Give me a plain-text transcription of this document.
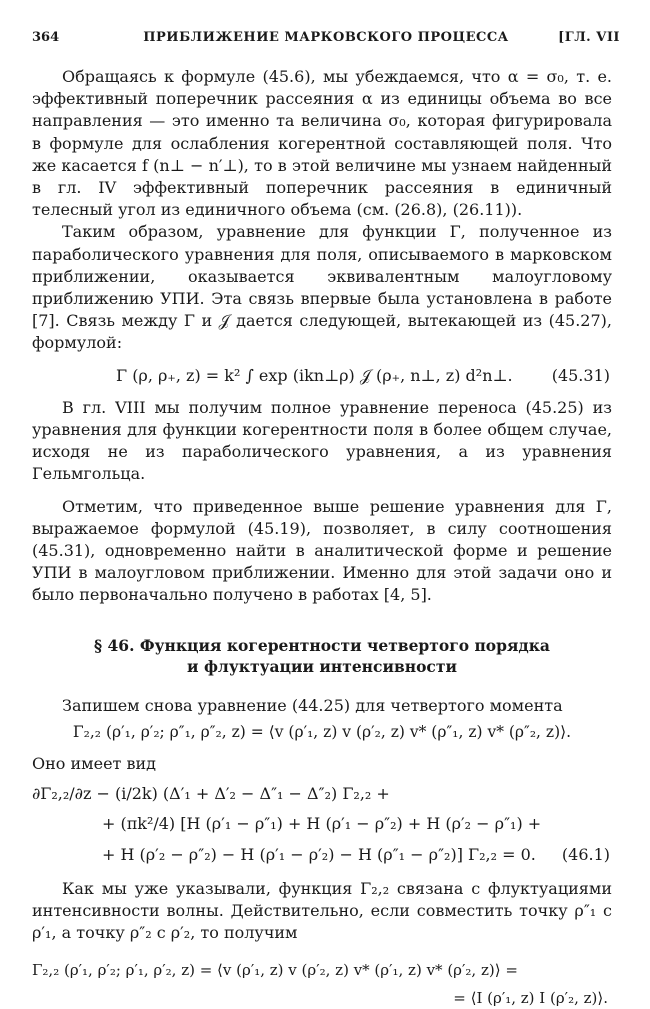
364	ПРИБЛИЖЕНИЕ МАРКОВСКОГО ПРОЦЕССА	[ГЛ. VII

Обращаясь к формуле (45.6), мы убеждаемся, что α = σ₀, т. е. эффективный поперечник рассеяния α из единицы объема во все направления — это именно та величина σ₀, которая фигурировала в формуле для ослабления когерентной составляющей поля. Что же касается f (n⊥ − n′⊥), то в этой величине мы узнаем найденный в гл. IV эффективный поперечник рассеяния в единичный телесный угол из единичного объема (см. (26.8), (26.11)).

Таким образом, уравнение для функции Γ, полученное из параболического уравнения для поля, описываемого в марковском приближении, оказывается эквивалентным малоугловому приближению УПИ. Эта связь впервые была установлена в работе [7]. Связь между Γ и 𝒥 дается следующей, вытекающей из (45.27), формулой:

Γ (ρ, ρ₊, z) = k² ∫ exp (ikn⊥ρ) 𝒥 (ρ₊, n⊥, z) d²n⊥. (45.31)

В гл. VIII мы получим полное уравнение переноса (45.25) из уравнения для функции когерентности поля в более общем случае, исходя не из параболического уравнения, а из уравнения Гельмгольца.

Отметим, что приведенное выше решение уравнения для Γ, выражаемое формулой (45.19), позволяет, в силу соотношения (45.31), одновременно найти в аналитической форме и решение УПИ в малоугловом приближении. Именно для этой задачи оно и было первоначально получено в работах [4, 5].

§ 46. Функция когерентности четвертого порядка
и флуктуации интенсивности

Запишем снова уравнение (44.25) для четвертого момента

Γ₂,₂ (ρ′₁, ρ′₂; ρ″₁, ρ″₂, z) = ⟨v (ρ′₁, z) v (ρ′₂, z) v* (ρ″₁, z) v* (ρ″₂, z)⟩.

Оно имеет вид

∂Γ₂,₂/∂z − (i/2k) (Δ′₁ + Δ′₂ − Δ″₁ − Δ″₂) Γ₂,₂ +
+ (πk²/4) [H (ρ′₁ − ρ″₁) + H (ρ′₁ − ρ″₂) + H (ρ′₂ − ρ″₁) +
+ H (ρ′₂ − ρ″₂) − H (ρ′₁ − ρ′₂) − H (ρ″₁ − ρ″₂)] Γ₂,₂ = 0. (46.1)

Как мы уже указывали, функция Γ₂,₂ связана с флуктуациями интенсивности волны. Действительно, если совместить точку ρ″₁ с ρ′₁, а точку ρ″₂ с ρ′₂, то получим

Γ₂,₂ (ρ′₁, ρ′₂; ρ′₁, ρ′₂, z) = ⟨v (ρ′₁, z) v (ρ′₂, z) v* (ρ′₁, z) v* (ρ′₂, z)⟩ =
= ⟨I (ρ′₁, z) I (ρ′₂, z)⟩.
